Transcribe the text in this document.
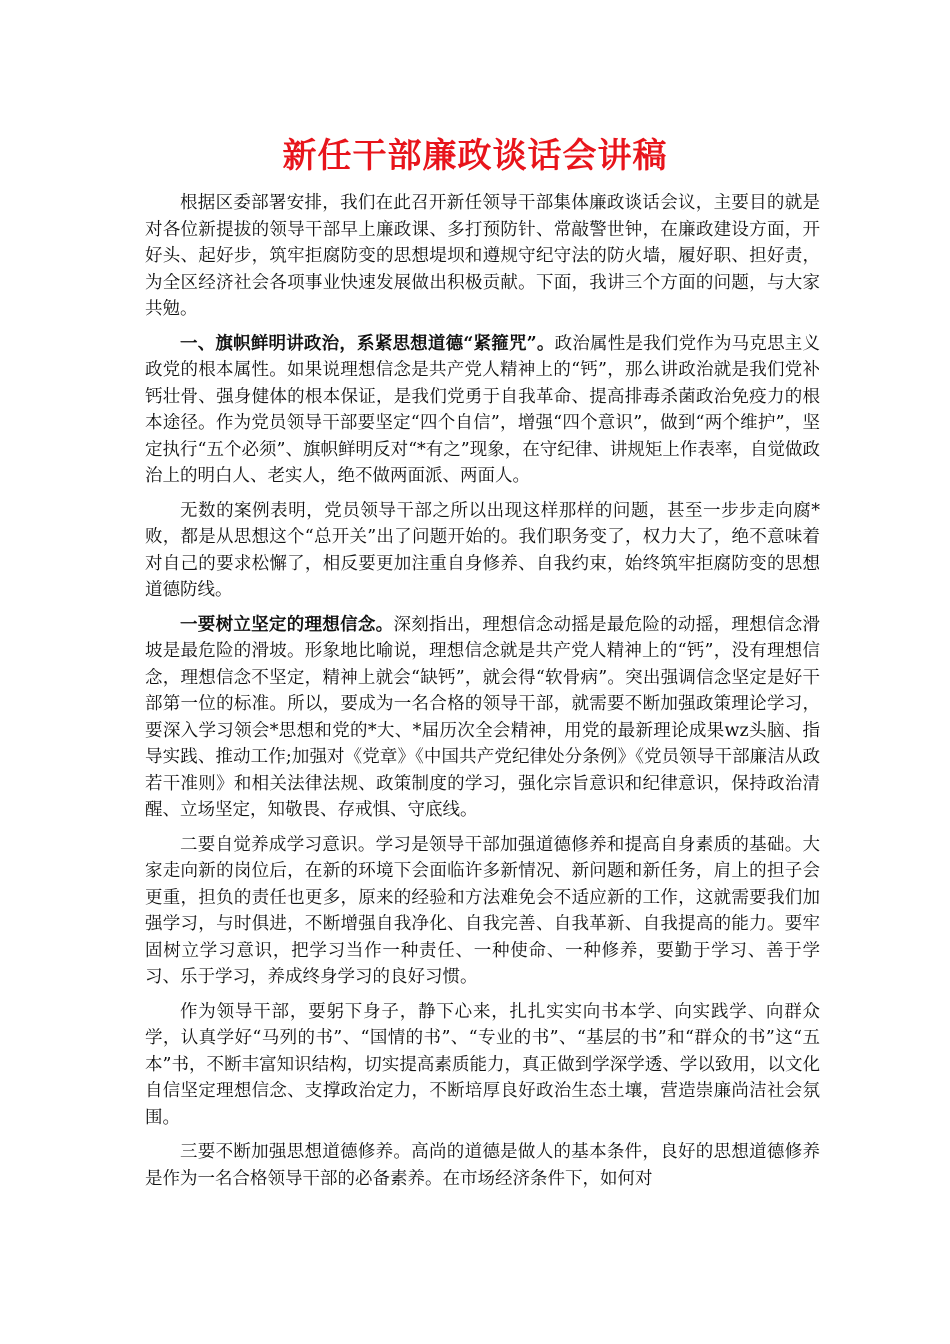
新任干部廉政谈话会讲稿

根据区委部署安排，我们在此召开新任领导干部集体廉政谈话会议，主要目的就是对各位新提拔的领导干部早上廉政课、多打预防针、常敲警世钟，在廉政建设方面，开好头、起好步，筑牢拒腐防变的思想堤坝和遵规守纪守法的防火墙，履好职、担好责，为全区经济社会各项事业快速发展做出积极贡献。下面，我讲三个方面的问题，与大家共勉。

一、旗帜鲜明讲政治，系紧思想道德“紧箍咒”。政治属性是我们党作为马克思主义政党的根本属性。如果说理想信念是共产党人精神上的“钙”，那么讲政治就是我们党补钙壮骨、强身健体的根本保证，是我们党勇于自我革命、提高排毒杀菌政治免疫力的根本途径。作为党员领导干部要坚定“四个自信”，增强“四个意识”，做到“两个维护”，坚定执行“五个必须”、旗帜鲜明反对“*有之”现象，在守纪律、讲规矩上作表率，自觉做政治上的明白人、老实人，绝不做两面派、两面人。

无数的案例表明，党员领导干部之所以出现这样那样的问题，甚至一步步走向腐*败，都是从思想这个“总开关”出了问题开始的。我们职务变了，权力大了，绝不意味着对自己的要求松懈了，相反要更加注重自身修养、自我约束，始终筑牢拒腐防变的思想道德防线。

一要树立坚定的理想信念。深刻指出，理想信念动摇是最危险的动摇，理想信念滑坡是最危险的滑坡。形象地比喻说，理想信念就是共产党人精神上的“钙”，没有理想信念，理想信念不坚定，精神上就会“缺钙”，就会得“软骨病”。突出强调信念坚定是好干部第一位的标准。所以，要成为一名合格的领导干部，就需要不断加强政策理论学习，要深入学习领会*思想和党的*大、*届历次全会精神，用党的最新理论成果wz头脑、指导实践、推动工作;加强对《党章》《中国共产党纪律处分条例》《党员领导干部廉洁从政若干准则》和相关法律法规、政策制度的学习，强化宗旨意识和纪律意识，保持政治清醒、立场坚定，知敬畏、存戒惧、守底线。

二要自觉养成学习意识。学习是领导干部加强道德修养和提高自身素质的基础。大家走向新的岗位后，在新的环境下会面临许多新情况、新问题和新任务，肩上的担子会更重，担负的责任也更多，原来的经验和方法难免会不适应新的工作，这就需要我们加强学习，与时俱进，不断增强自我净化、自我完善、自我革新、自我提高的能力。要牢固树立学习意识，把学习当作一种责任、一种使命、一种修养，要勤于学习、善于学习、乐于学习，养成终身学习的良好习惯。

作为领导干部，要躬下身子，静下心来，扎扎实实向书本学、向实践学、向群众学，认真学好“马列的书”、“国情的书”、“专业的书”、“基层的书”和“群众的书”这“五本”书，不断丰富知识结构，切实提高素质能力，真正做到学深学透、学以致用，以文化自信坚定理想信念、支撑政治定力，不断培厚良好政治生态土壤，营造崇廉尚洁社会氛围。

三要不断加强思想道德修养。高尚的道德是做人的基本条件，良好的思想道德修养是作为一名合格领导干部的必备素养。在市场经济条件下，如何对
